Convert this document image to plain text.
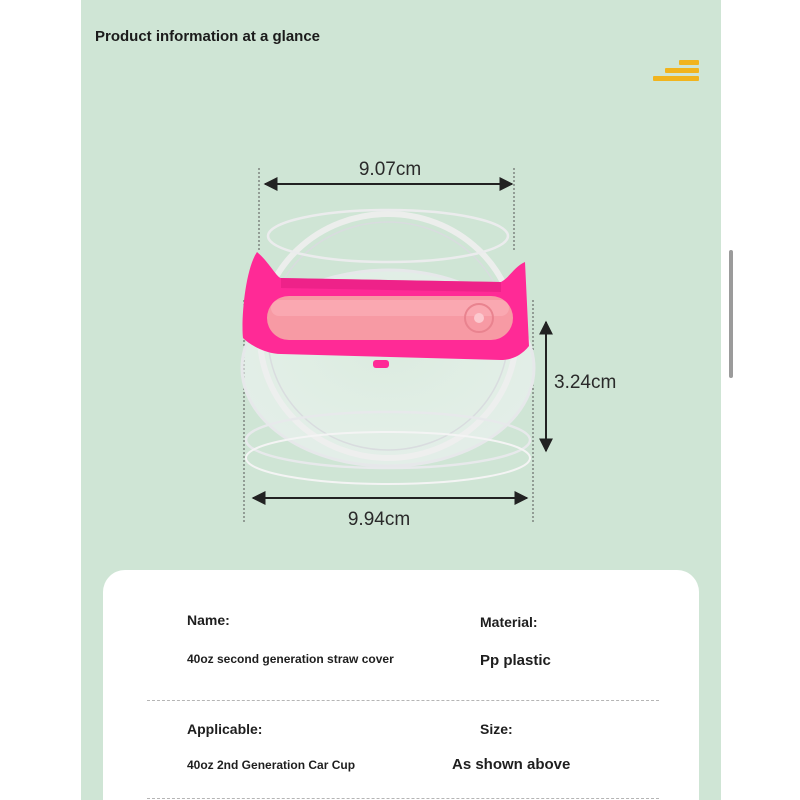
Product information at a glance
9.07cm
3.24cm
9.94cm
Name:
40oz second generation straw cover
Material:
Pp plastic
Applicable:
40oz 2nd Generation Car Cup
Size:
As shown above
